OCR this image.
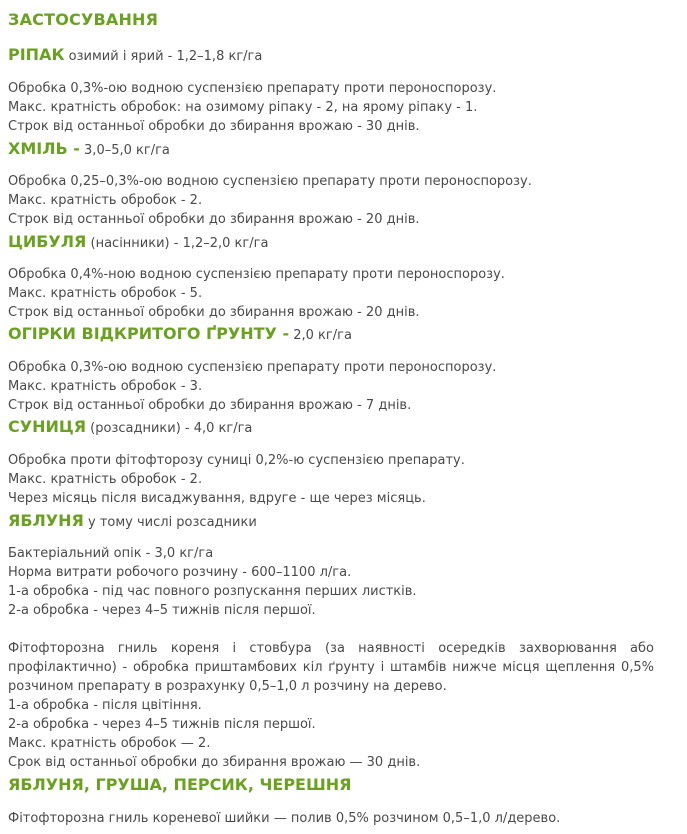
ЗАСТОСУВАННЯ
РІПАК озимий і ярий - 1,2–1,8 кг/га
Обробка 0,3%-ою водною суспензією препарату проти пероноспорозу.
Макс. кратність обробок: на озимому ріпаку - 2, на ярому ріпаку - 1.
Строк від останньої обробки до збирання врожаю - 30 днів.
ХМІЛЬ - 3,0–5,0 кг/га
Обробка 0,25–0,3%-ою водною суспензією препарату проти пероноспорозу.
Макс. кратність обробок - 2.
Строк від останньої обробки до збирання врожаю - 20 днів.
ЦИБУЛЯ (насінники) - 1,2–2,0 кг/га
Обробка 0,4%-ною водною суспензією препарату проти пероноспорозу.
Макс. кратність обробок - 5.
Строк від останньої обробки до збирання врожаю - 20 днів.
ОГІРКИ ВІДКРИТОГО ҐРУНТУ - 2,0 кг/га
Обробка 0,3%-ою водною суспензією препарату проти пероноспорозу.
Макс. кратність обробок - 3.
Строк від останньої обробки до збирання врожаю - 7 днів.
СУНИЦЯ (розсадники) - 4,0 кг/га
Обробка проти фітофторозу суниці 0,2%-ю суспензією препарату.
Макс. кратність обробок - 2.
Через місяць після висаджування, вдруге - ще через місяць.
ЯБЛУНЯ у тому числі розсадники
Бактеріальний опік - 3,0 кг/га
Норма витрати робочого розчину - 600–1100 л/га.
1-а обробка - під час повного розпускання перших листків.
2-а обробка - через 4–5 тижнів після першої.
Фітофторозна гниль кореня і стовбура (за наявності осередків захворювання або
профілактично) - обробка приштамбових кіл ґрунту і штамбів нижче місця щеплення 0,5%
розчином препарату в розрахунку 0,5–1,0 л розчину на дерево.
1-а обробка - після цвітіння.
2-а обробка - через 4–5 тижнів після першої.
Макс. кратність обробок — 2.
Срок від останньої обробки до збирання врожаю — 30 днів.
ЯБЛУНЯ, ГРУША, ПЕРСИК, ЧЕРЕШНЯ
Фітофторозна гниль кореневої шийки — полив 0,5% розчином 0,5–1,0 л/дерево.
